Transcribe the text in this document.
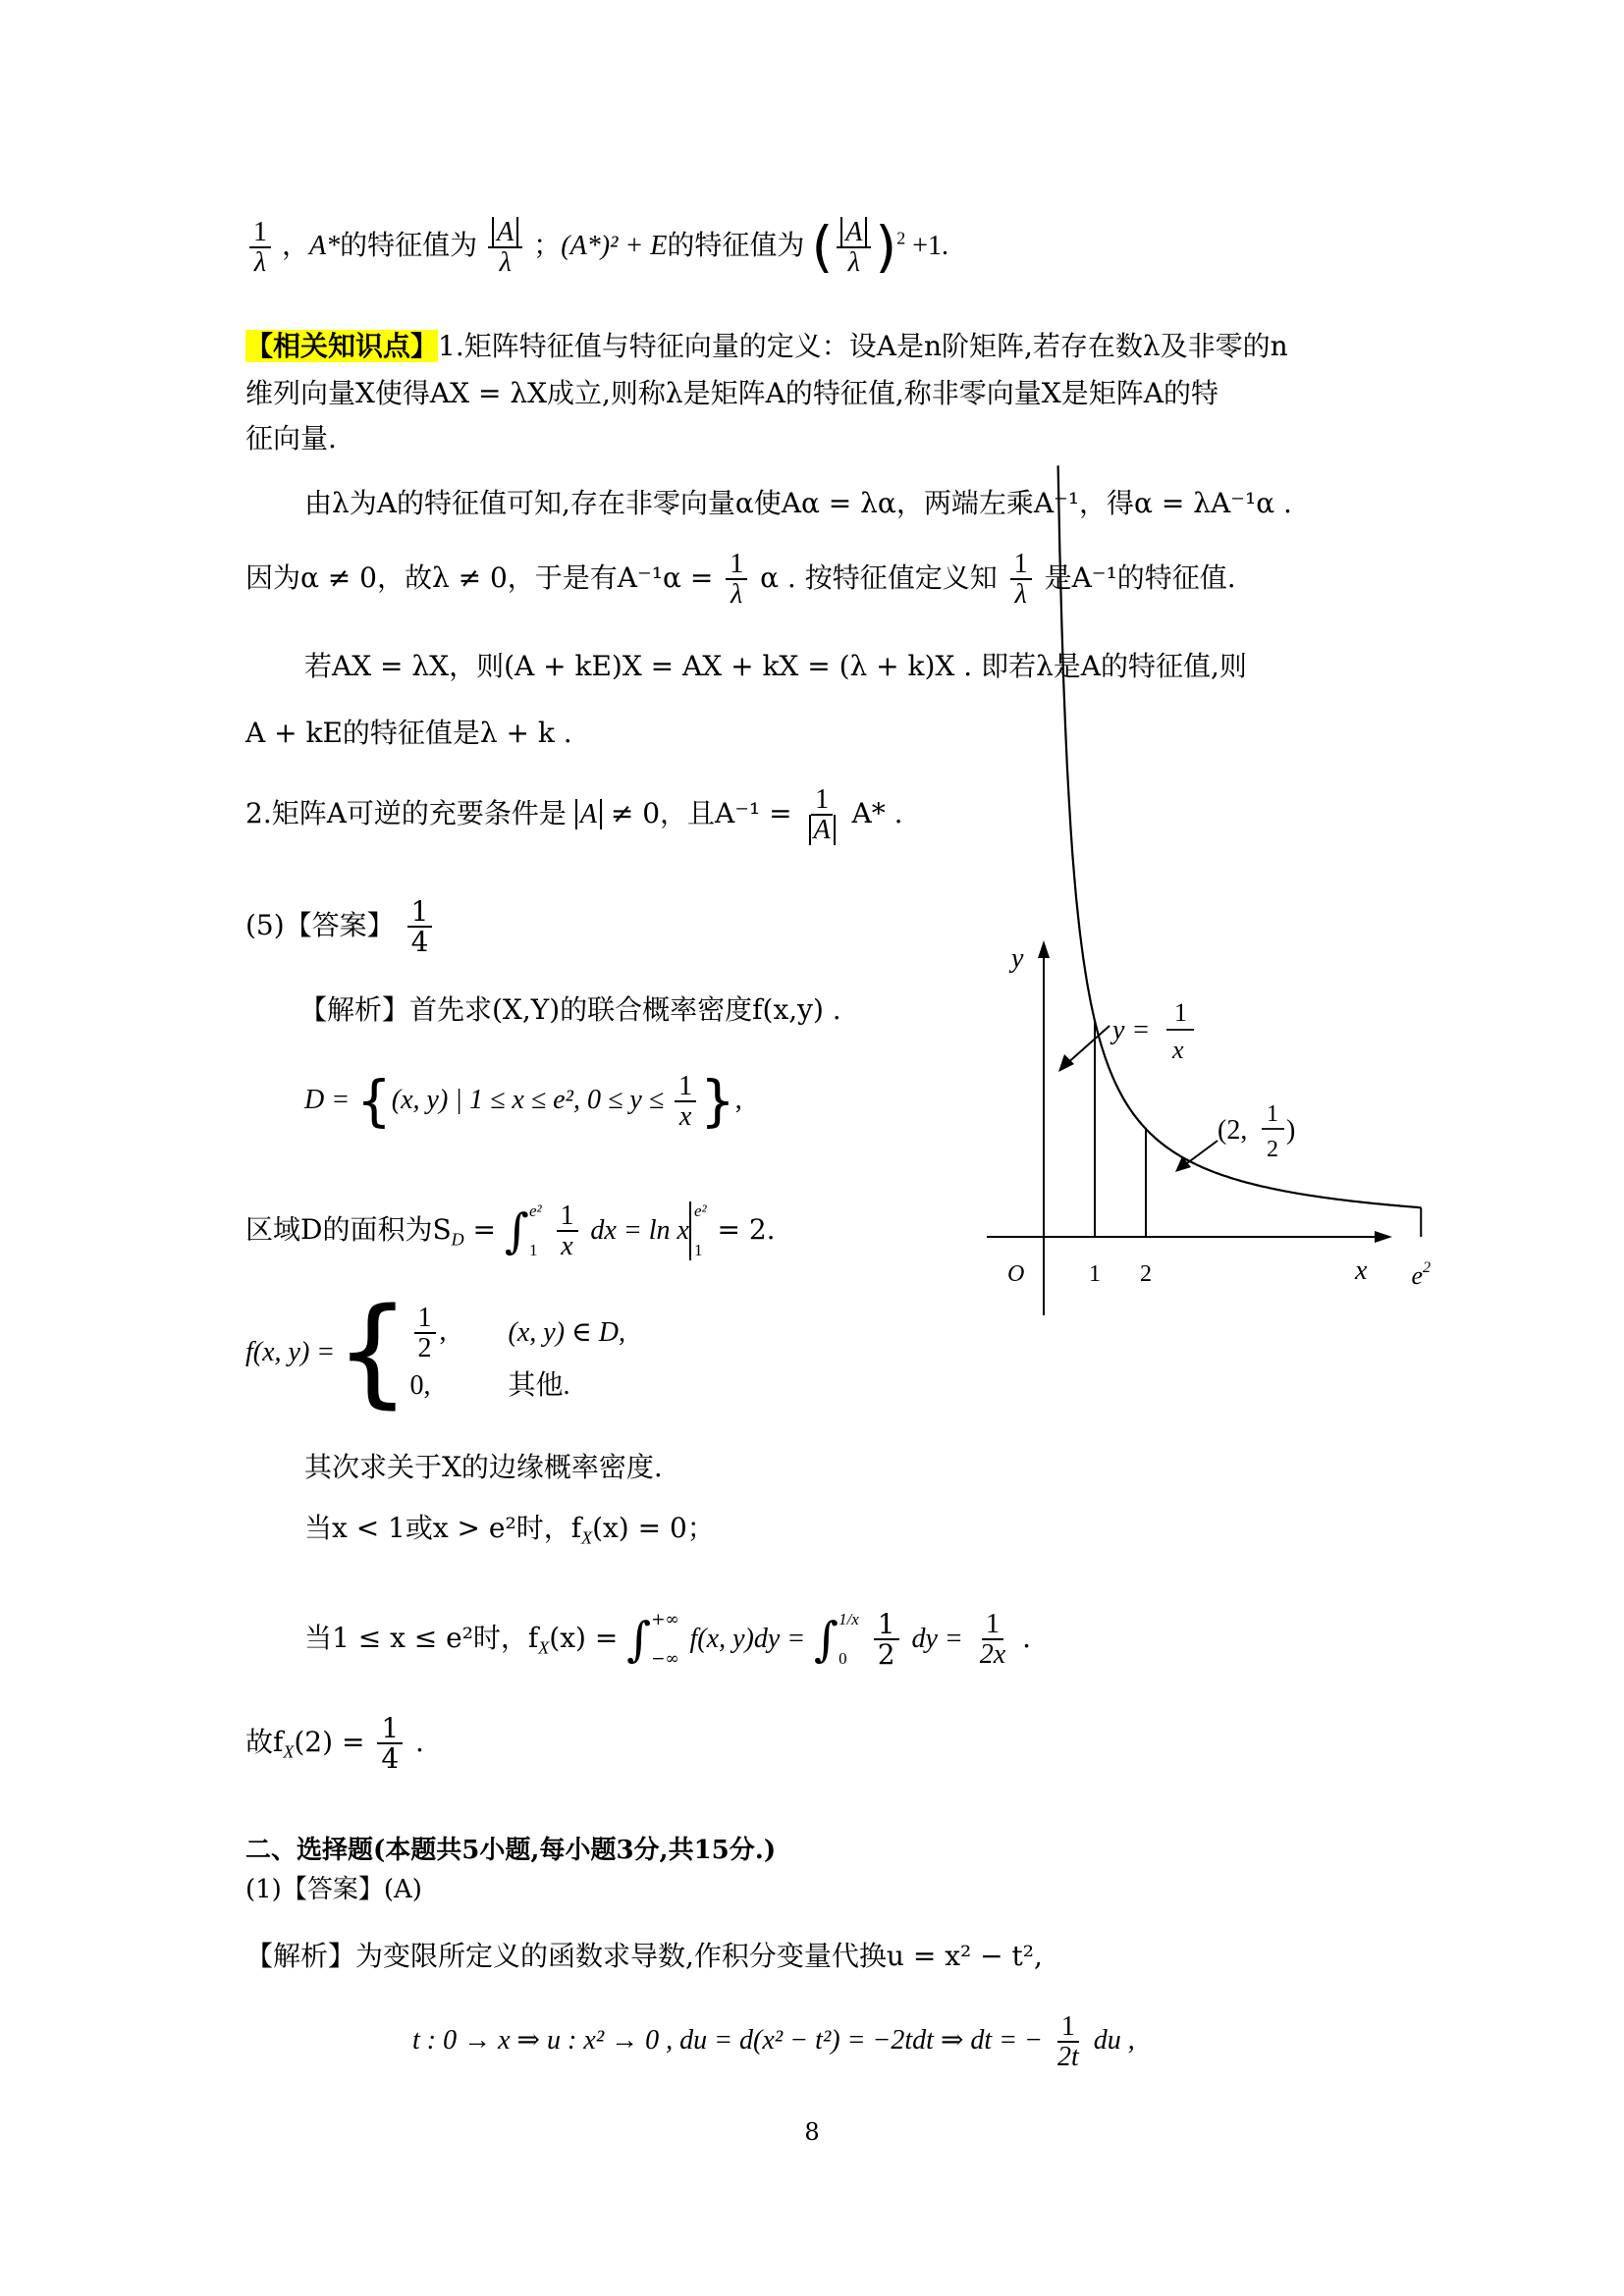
$\frac{1}{\lambda}$ ，A*的特征值为 $\frac{A}{\lambda}$ ；(A*)² + E的特征值为 ( $\frac{A}{\lambda} )^2 +1$.
【相关知识点】1.矩阵特征值与特征向量的定义：设A是n阶矩阵,若存在数λ及非零的n
维列向量X使得AX = λX成立,则称λ是矩阵A的特征值,称非零向量X是矩阵A的特
征向量.
由λ为A的特征值可知,存在非零向量α使Aα = λα，两端左乘A⁻¹，得α = λA⁻¹α .
因为α ≠ 0，故λ ≠ 0，于是有$A^{-1}\alpha = \frac{1}{\lambda}$ α . 按特征值定义知 $\frac{1}{\lambda}$ 是A⁻¹的特征值.
若AX = λX，则(A + kE)X = AX + kX = (λ + k)X . 即若λ是A的特征值,则
A + kE的特征值是λ + k .
2.矩阵A可逆的充要条件是 A ≠ 0，且$A^{-1} = \frac{1}{A} A*$ .
(5)【答案】 $\frac{1}{4}$
【解析】首先求(X,Y)的联合概率密度f(x,y) .
D = {(x, y) | 1 ≤ x ≤ e², $0 \le y \le \frac{1}{x}$ },
区域D的面积为$S_D$ = ∫ e²
1
$\frac{1}{x}$ dx = ln x
e²
1
= 2.
f(x, y) = { $\frac{1}{2}$ ,	(x, y) ∈ D,
0,	其他.
其次求关于X的边缘概率密度.
当x < 1或x > e²时，$f_X(x) = 0$；
当1 ≤ x ≤ e²时，$f_X(x)$ = ∫ +∞
−∞
f(x, y)dy = ∫ 1/x
0
$\frac{1}{2}$ dy = $\frac{1}{2x}$ .
故$f_X(2) = \frac{1}{4}$ .
二、选择题(本题共5小题,每小题3分,共15分.)
(1)【答案】(A)
【解析】为变限所定义的函数求导数,作积分变量代换u = x² − t²,
t : 0 → x ⇒ u : x² → 0 , du = d(x² − t²) = −2tdt ⇒ dt = − $\frac{1}{2t}$ du ,
y
x
O	1 2	$e^2$
y =
1
x
(2,
1
2
)
8
